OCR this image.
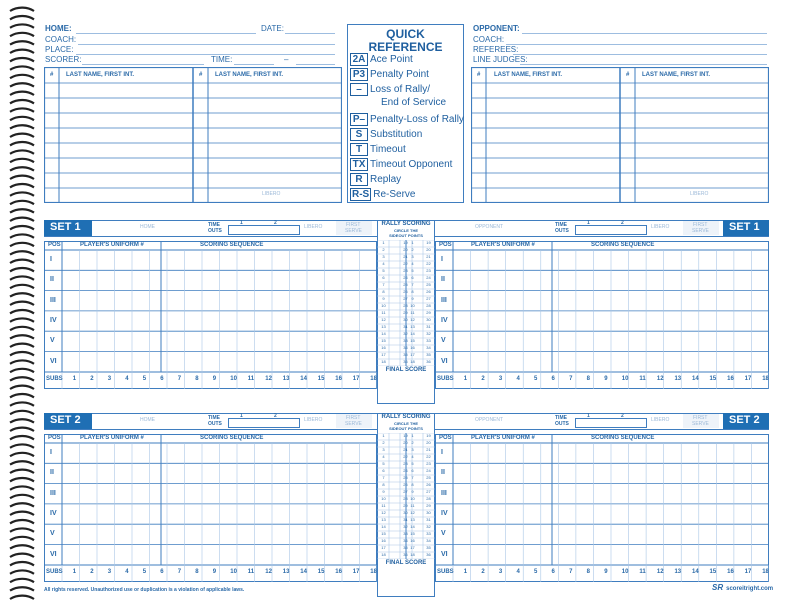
HOME:	DATE:
COACH:
PLACE:
SCORER:	TIME:	–
OPPONENT:
COACH:
REFEREES:
LINE JUDGES:
# LAST NAME, FIRST INT.	# LAST NAME, FIRST INT.
LIBERO
# LAST NAME, FIRST INT.	# LAST NAME, FIRST INT.
LIBERO
QUICK
REFERENCE
2A Ace Point
P3 Penalty Point
– Loss of Rally/
End of Service
P– Penalty-Loss of Rally
S Substitution
T Timeout
TX Timeout Opponent
R Replay
R-S Re-Serve
SET 1	SET 1
HOME	OPPONENT
TIME
OUTS
1	2
LIBERO	FIRST
SERVE
TIME
OUTS
1	2
LIBERO	FIRST
SERVE
POS	PLAYER'S UNIFORM #	SCORING SEQUENCE
I
II
III
IV
V
VI
SUBS 1 2 3 4 5 6 7 8 9 10 11 12 13 14 15 16 17 18
POS	PLAYER'S UNIFORM #	SCORING SEQUENCE
I
II
III
IV
V
VI
SUBS 1 2 3 4 5 6 7 8 9 10 11 12 13 14 15 16 17 18
RALLY SCORING
CIRCLE THE
SIDEOUT POINTS
1	19 1	19
2	20 2	20
3	21 3	21
4	22 4	22
5	23 5	23
6	24 6	24
7	25 7	25
8	26 8	26
9	27 9	27
10	28 10	28
11	29 11	29
12	30 12	30
13	31 13	31
14	32 14	32
15	33 15	33
16	34 16	34
17	35 17	35
18	36 18	36
FINAL SCORE
SET 2	SET 2
HOME	OPPONENT
TIME
OUTS
1	2
LIBERO	FIRST
SERVE
TIME
OUTS
1	2
LIBERO	FIRST
SERVE
POS	PLAYER'S UNIFORM #	SCORING SEQUENCE
I
II
III
IV
V
VI
SUBS 1 2 3 4 5 6 7 8 9 10 11 12 13 14 15 16 17 18
POS	PLAYER'S UNIFORM #	SCORING SEQUENCE
I
II
III
IV
V
VI
SUBS 1 2 3 4 5 6 7 8 9 10 11 12 13 14 15 16 17 18
RALLY SCORING
CIRCLE THE
SIDEOUT POINTS
1	19 1	19
2	20 2	20
3	21 3	21
4	22 4	22
5	23 5	23
6	24 6	24
7	25 7	25
8	26 8	26
9	27 9	27
10	28 10	28
11	29 11	29
12	30 12	30
13	31 13	31
14	32 14	32
15	33 15	33
16	34 16	34
17	35 17	35
18	36 18	36
FINAL SCORE
All rights reserved. Unauthorized use or duplication is a violation of applicable laws.	SR scoreitright.com
